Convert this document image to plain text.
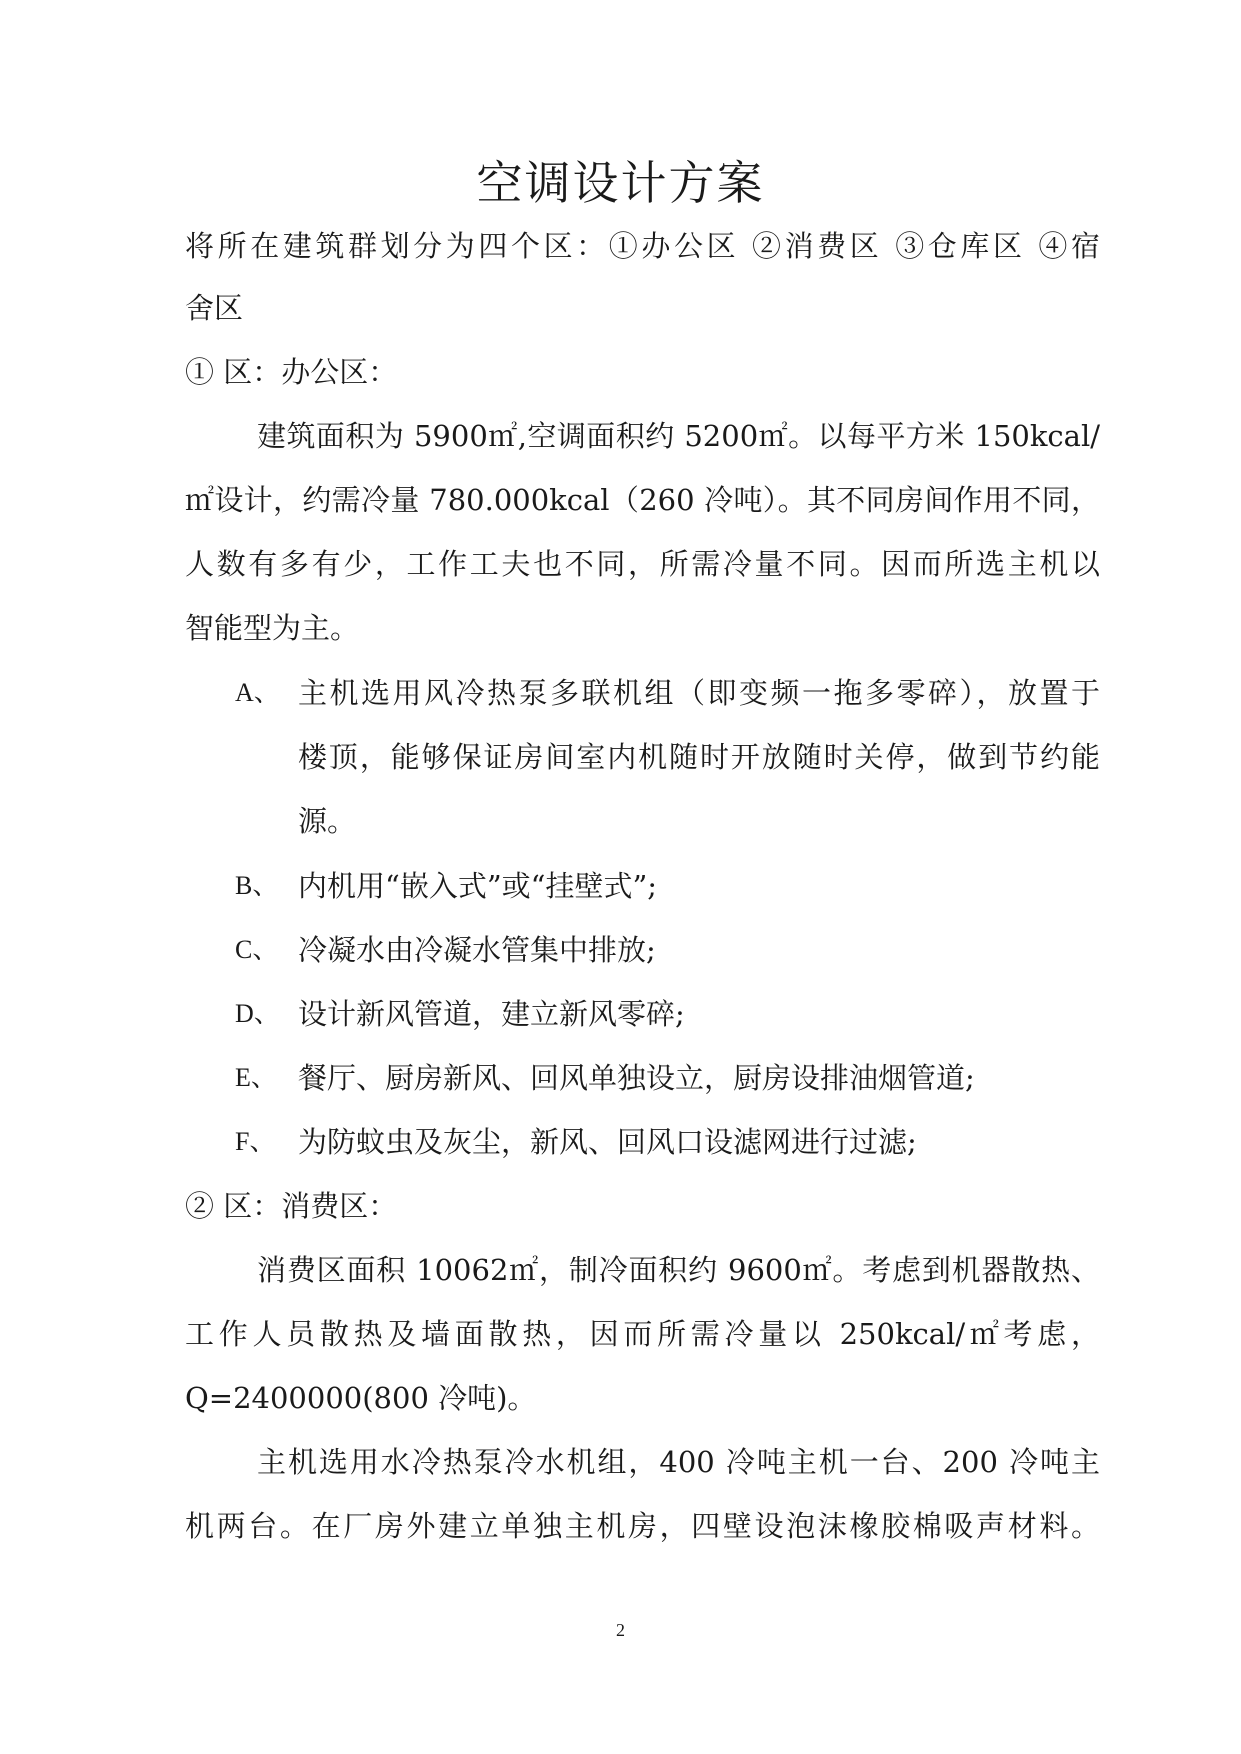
空调设计方案
将所在建筑群划分为四个区：①办公区 ②消费区 ③仓库区 ④宿
舍区
① 区：办公区：
建筑面积为 5900㎡,空调面积约 5200㎡。以每平方米 150kcal/
㎡设计，约需冷量 780.000kcal（260 冷吨）。其不同房间作用不同，
人数有多有少，工作工夫也不同，所需冷量不同。因而所选主机以
智能型为主。
A、 主机选用风冷热泵多联机组（即变频一拖多零碎），放置于
楼顶，能够保证房间室内机随时开放随时关停，做到节约能
源。
B、 内机用“嵌入式”或“挂壁式”;
C、 冷凝水由冷凝水管集中排放;
D、 设计新风管道，建立新风零碎;
E、 餐厅、厨房新风、回风单独设立，厨房设排油烟管道;
F、 为防蚊虫及灰尘，新风、回风口设滤网进行过滤;
② 区：消费区：
消费区面积 10062㎡，制冷面积约 9600㎡。考虑到机器散热、
工作人员散热及墙面散热，因而所需冷量以 250kcal/㎡考虑，
Q=2400000(800 冷吨)。
主机选用水冷热泵冷水机组，400 冷吨主机一台、200 冷吨主
机两台。在厂房外建立单独主机房，四壁设泡沫橡胶棉吸声材料。
2
